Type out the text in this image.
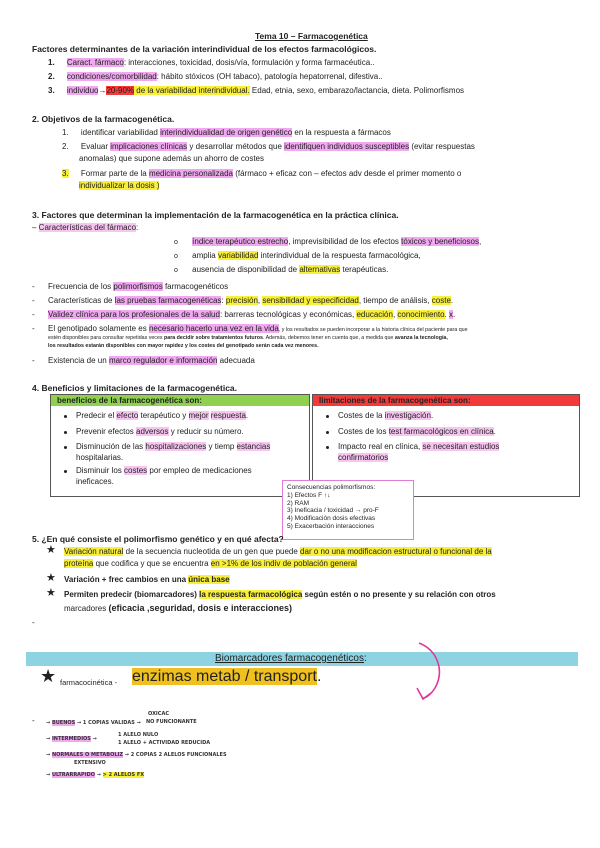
Tema 10 – Farmacogenética
Factores determinantes de la variación interindividual de los efectos farmacológicos.
1. Caract. fármaco: interacciones, toxicidad, dosis/vía, formulación y forma farmacéutica..
2. condiciones/comorbilidad: hábito stóxicos (OH tabaco), patología hepatorrenal, difestiva..
3. individuo→20-90% de la variabilidad interindividual. Edad, etnia, sexo, embarazo/lactancia, dieta. Polimorfismos
2. Objetivos de la farmacogenética.
1. identificar variabilidad interindividualidad de origen genético en la respuesta a fármacos
2. Evaluar implicaciones clínicas y desarrollar métodos que identifiquen individuos susceptibles (evitar respuestas
anomalas) que supone además un ahorro de costes
3. Formar parte de la medicina personalizada (fármaco + eficaz con – efectos adv desde el primer momento o
individualizar la dosis )
3. Factores que determinan la implementación de la farmacogenética en la práctica clínica.
– Características del fármaco:
o índice terapéutico estrecho, imprevisibilidad de los efectos tóxicos y beneficiosos,
o amplia variabilidad interindividual de la respuesta farmacológica,
o ausencia de disponibilidad de alternativas terapéuticas.
- Frecuencia de los polimorfismos farmacogenéticos
- Características de las pruebas farmacogenéticas: precisión, sensibilidad y especificidad, tiempo de análisis, coste.
- Validez clínica para los profesionales de la salud: barreras tecnológicas y económicas, educación, conocimiento. x.
- El genotipado solamente es necesario hacerlo una vez en la vida, y los resultados se pueden incorporar a la historia clínica del paciente para que
estén disponibles para consultar repetidas veces para decidir sobre tratamientos futuros. Además, debemos tener en cuenta que, a medida que avanza la tecnología,
los resultados estarán disponibles con mayor rapidez y los costes del genotipado serán cada vez menores.
- Existencia de un marco regulador e información adecuada
4. Beneficios y limitaciones de la farmacogenética.
beneficios de la farmacogenética son:	limitaciones de la farmacogenética son:
Predecir el efecto terapéutico y mejor respuesta.
Prevenir efectos adversos y reducir su número.
Disminución de las hospitalizaciones y tiemp estancias
hospitalarias.
Disminuir los costes por empleo de medicaciones
ineficaces.
Costes de la investigación.
Costes de los test farmacológicos en clínica.
Impacto real en clínica, se necesitan estudios
confirmatorios
Consecuencias polimorfismos:
1) Efectos F ↑↓
2) RAM
3) Ineficacia / toxicidad → pro-F
4) Modificación dosis efectivas
5) Exacerbación interacciones
5. ¿En qué consiste el polimorfismo genético y en qué afecta?
★ Variación natural de la secuencia nucleotida de un gen que puede dar o no una modificacion estructural o funcional de la
proteína que codifica y que se encuentra en >1% de los indiv de población general
★ Variación + frec cambios en una única base
★ Permiten predecir (biomarcadores) la respuesta farmacológica según estén o no presente y su relación con otros
marcadores (eficacia ,seguridad, dosis e interacciones)
-
Biomarcadores farmacogenéticos:
★ farmacocinética - enzimas metab / transport.
- → BUENOS → 1 COPIAS VALIDAS →
OXICAC
NO FUNCIONANTE
→ INTERMEDIOS →
1 ALELO NULO
1 ALELO + ACTIVIDAD REDUCIDA
→ NORMALES O METABOLIZ → 2 COPIAS 2 ALELOS FUNCIONALES
EXTENSIVO
→ ULTRARRAPIDO → > 2 ALELOS FX
